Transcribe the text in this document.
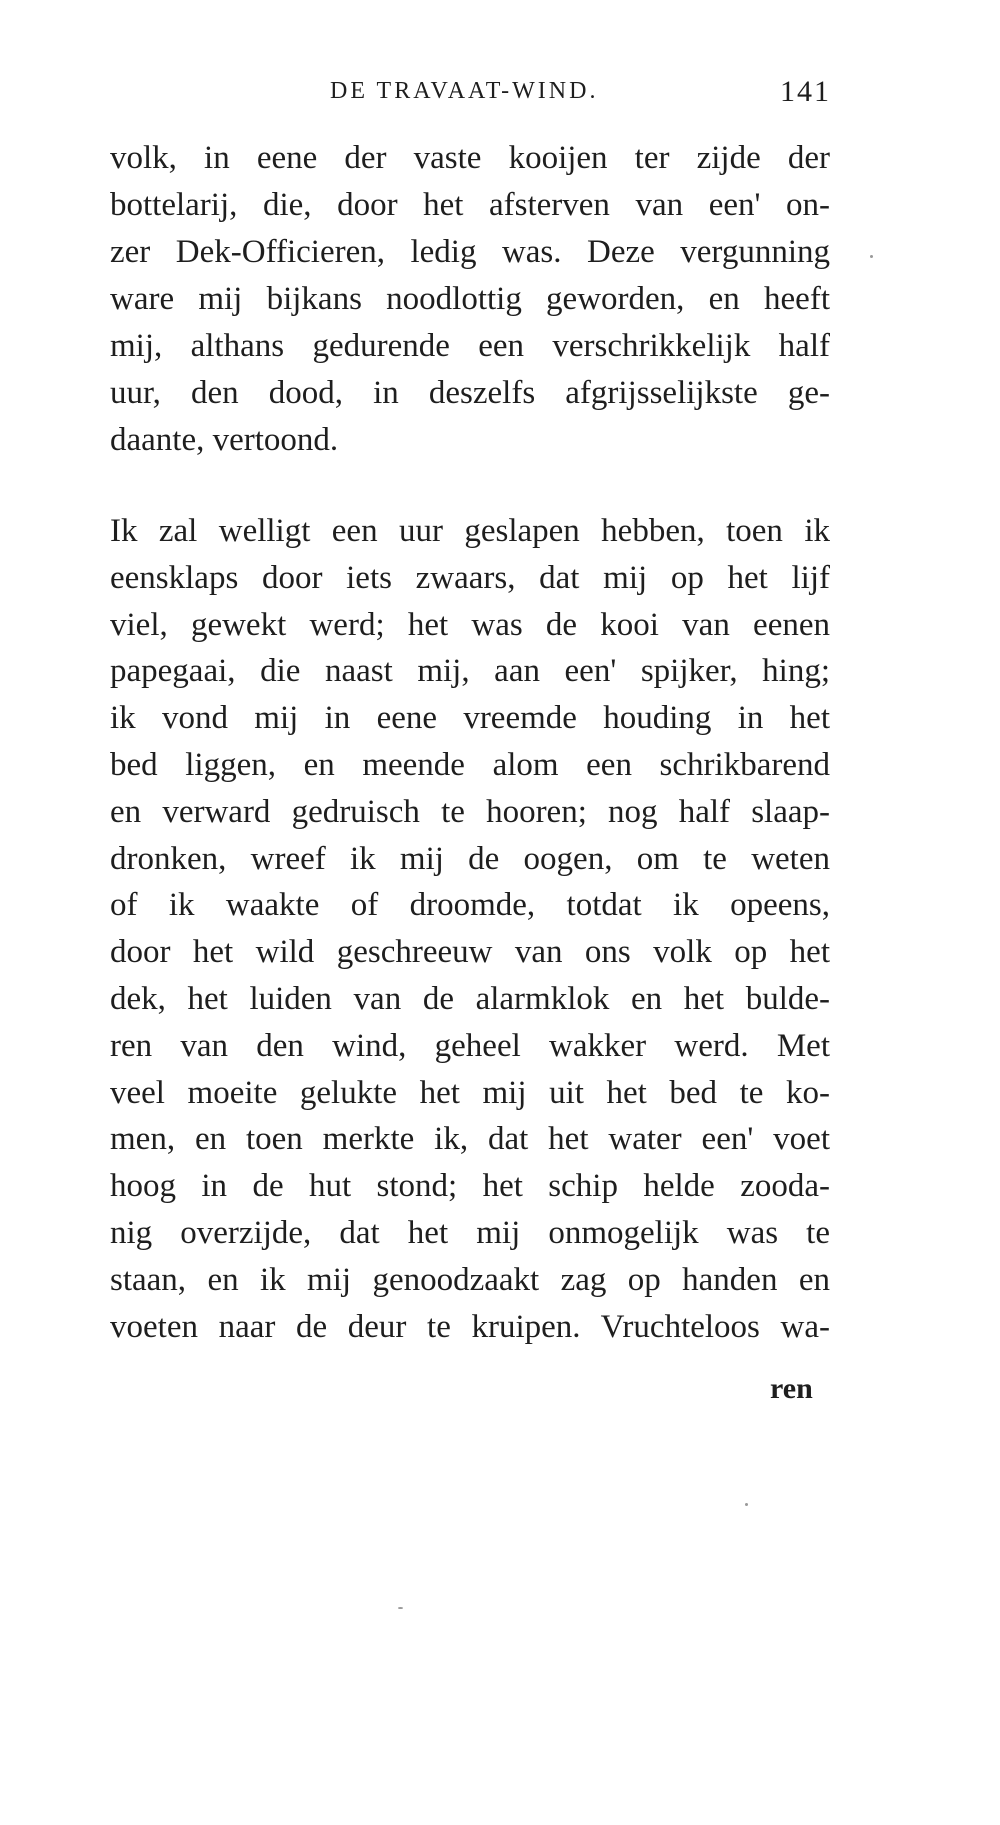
DE TRAVAAT-WIND.	141
volk, in eene der vaste kooijen ter zijde der
bottelarij, die, door het afsterven van een' on-
zer Dek-Officieren, ledig was. Deze vergunning
ware mij bijkans noodlottig geworden, en heeft
mij, althans gedurende een verschrikkelijk half
uur, den dood, in deszelfs afgrijsselijkste ge-
daante, vertoond.
Ik zal welligt een uur geslapen hebben, toen ik
eensklaps door iets zwaars, dat mij op het lijf
viel, gewekt werd; het was de kooi van eenen
papegaai, die naast mij, aan een' spijker, hing;
ik vond mij in eene vreemde houding in het
bed liggen, en meende alom een schrikbarend
en verward gedruisch te hooren; nog half slaap-
dronken, wreef ik mij de oogen, om te weten
of ik waakte of droomde, totdat ik opeens,
door het wild geschreeuw van ons volk op het
dek, het luiden van de alarmklok en het bulde-
ren van den wind, geheel wakker werd. Met
veel moeite gelukte het mij uit het bed te ko-
men, en toen merkte ik, dat het water een' voet
hoog in de hut stond; het schip helde zooda-
nig overzijde, dat het mij onmogelijk was te
staan, en ik mij genoodzaakt zag op handen en
voeten naar de deur te kruipen. Vruchteloos wa-
ren
